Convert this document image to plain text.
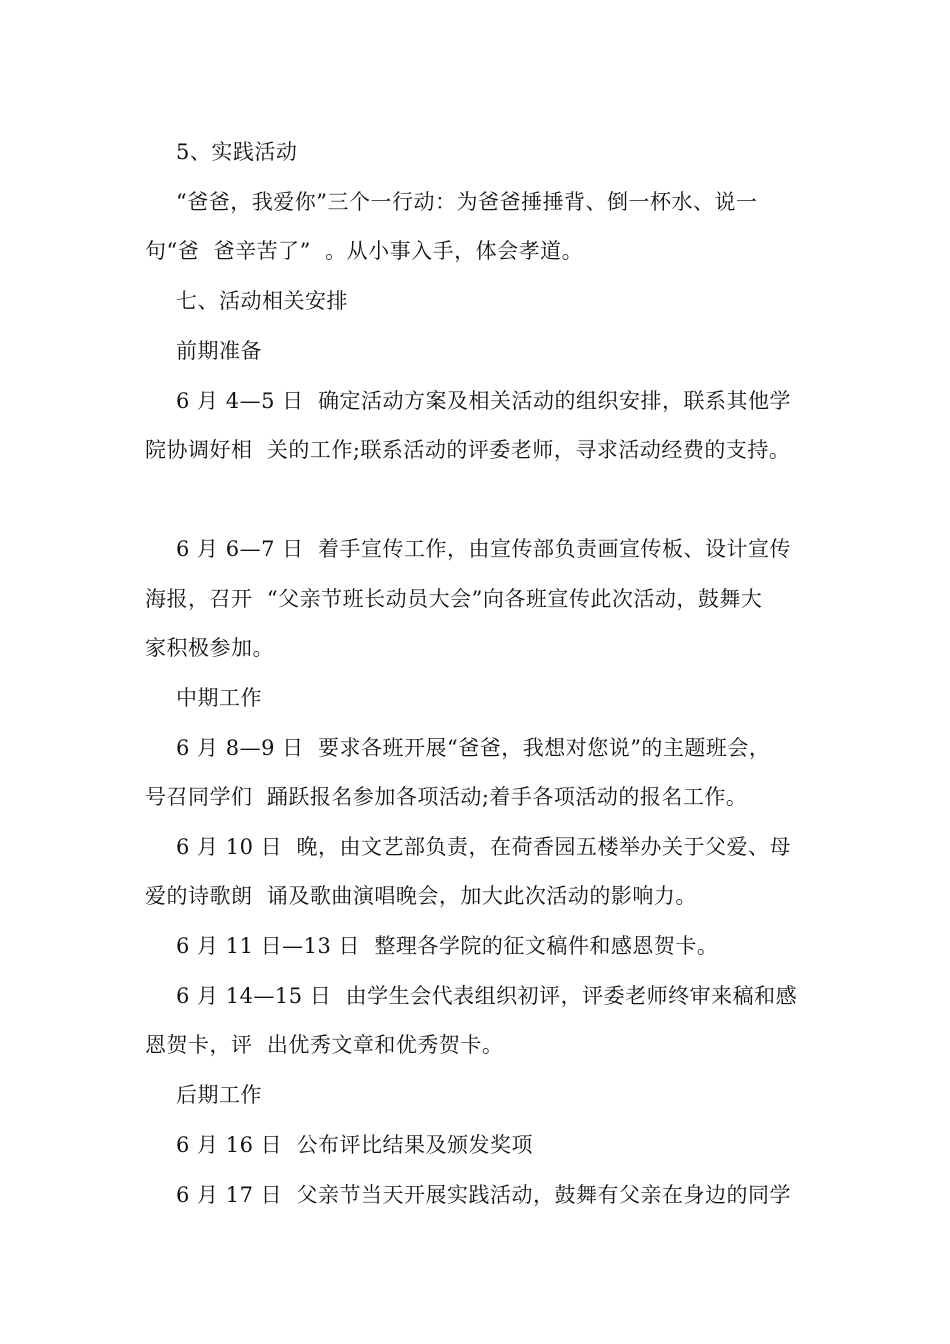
5、实践活动
“爸爸，我爱你”三个一行动：为爸爸捶捶背、倒一杯水、说一
句“爸  爸辛苦了”  。从小事入手，体会孝道。
七、活动相关安排
前期准备
6 月 4—5 日  确定活动方案及相关活动的组织安排，联系其他学
院协调好相  关的工作;联系活动的评委老师，寻求活动经费的支持。
6 月 6—7 日  着手宣传工作，由宣传部负责画宣传板、设计宣传
海报，召开  “父亲节班长动员大会”向各班宣传此次活动，鼓舞大
家积极参加。
中期工作
6 月 8—9 日  要求各班开展“爸爸，我想对您说”的主题班会，
号召同学们  踊跃报名参加各项活动;着手各项活动的报名工作。
6 月 10 日  晚，由文艺部负责，在荷香园五楼举办关于父爱、母
爱的诗歌朗  诵及歌曲演唱晚会，加大此次活动的影响力。
6 月 11 日—13 日  整理各学院的征文稿件和感恩贺卡。
6 月 14—15 日  由学生会代表组织初评，评委老师终审来稿和感
恩贺卡，评  出优秀文章和优秀贺卡。
后期工作
6 月 16 日  公布评比结果及颁发奖项
6 月 17 日  父亲节当天开展实践活动，鼓舞有父亲在身边的同学
